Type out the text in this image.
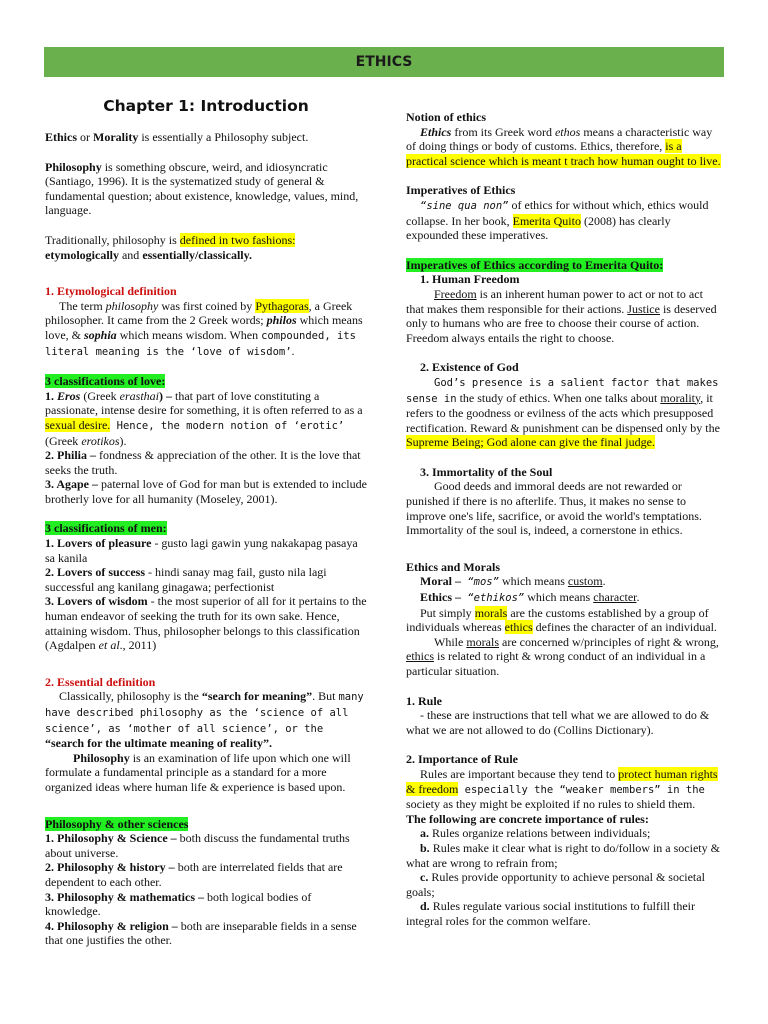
ETHICS
Chapter 1: Introduction

Ethics or Morality is essentially a Philosophy subject.

Philosophy is something obscure, weird, and idiosyncratic (Santiago, 1996). It is the systematized study of general & fundamental question; about existence, knowledge, values, mind, language.

Traditionally, philosophy is defined in two fashions: etymologically and essentially/classically.

1. Etymological definition

The term philosophy was first coined by Pythagoras, a Greek philosopher. It came from the 2 Greek words; philos which means love, & sophia which means wisdom. When compounded, its literal meaning is the ‘love of wisdom’.

3 classifications of love:

1. Eros (Greek erasthai) – that part of love constituting a passionate, intense desire for something, it is often referred to as a sexual desire. Hence, the modern notion of ‘erotic’ (Greek erotikos).

2. Philia – fondness & appreciation of the other. It is the love that seeks the truth.

3. Agape – paternal love of God for man but is extended to include brotherly love for all humanity (Moseley, 2001).

3 classifications of men:

1. Lovers of pleasure - gusto lagi gawin yung nakakapag pasaya sa kanila

2. Lovers of success - hindi sanay mag fail, gusto nila lagi successful ang kanilang ginagawa; perfectionist

3. Lovers of wisdom - the most superior of all for it pertains to the human endeavor of seeking the truth for its own sake. Hence, attaining wisdom. Thus, philosopher belongs to this classification (Agdalpen et al., 2011)

2. Essential definition

Classically, philosophy is the “search for meaning”. But many have described philosophy as the ‘science of all science’, as ‘mother of all science’, or the “search for the ultimate meaning of reality”.

Philosophy is an examination of life upon which one will formulate a fundamental principle as a standard for a more organized ideas where human life & experience is based upon.

Philosophy & other sciences

1. Philosophy & Science – both discuss the fundamental truths about universe.

2. Philosophy & history – both are interrelated fields that are dependent to each other.

3. Philosophy & mathematics – both logical bodies of knowledge.

4. Philosophy & religion – both are inseparable fields in a sense that one justifies the other.

Notion of ethics

Ethics from its Greek word ethos means a characteristic way of doing things or body of customs. Ethics, therefore, is a practical science which is meant t trach how human ought to live.

Imperatives of Ethics

“sine qua non” of ethics for without which, ethics would collapse. In her book, Emerita Quito (2008) has clearly expounded these imperatives.

Imperatives of Ethics according to Emerita Quito:

1. Human Freedom

Freedom is an inherent human power to act or not to act that makes them responsible for their actions. Justice is deserved only to humans who are free to choose their course of action. Freedom always entails the right to choose.

2. Existence of God

God’s presence is a salient factor that makes sense in the study of ethics. When one talks about morality, it refers to the goodness or evilness of the acts which presupposed rectification. Reward & punishment can be dispensed only by the Supreme Being; God alone can give the final judge.

3. Immortality of the Soul

Good deeds and immoral deeds are not rewarded or punished if there is no afterlife. Thus, it makes no sense to improve one's life, sacrifice, or avoid the world's temptations. Immortality of the soul is, indeed, a cornerstone in ethics.

Ethics and Morals

Moral – “mos” which means custom.

Ethics – “ethikos” which means character.

Put simply morals are the customs established by a group of individuals whereas ethics defines the character of an individual.

While morals are concerned w/principles of right & wrong, ethics is related to right & wrong conduct of an individual in a particular situation.

1. Rule

- these are instructions that tell what we are allowed to do & what we are not allowed to do (Collins Dictionary).

2. Importance of Rule

Rules are important because they tend to protect human rights & freedom especially the “weaker members” in the society as they might be exploited if no rules to shield them.

The following are concrete importance of rules:

a. Rules organize relations between individuals;

b. Rules make it clear what is right to do/follow in a society & what are wrong to refrain from;

c. Rules provide opportunity to achieve personal & societal goals;

d. Rules regulate various social institutions to fulfill their integral roles for the common welfare.
